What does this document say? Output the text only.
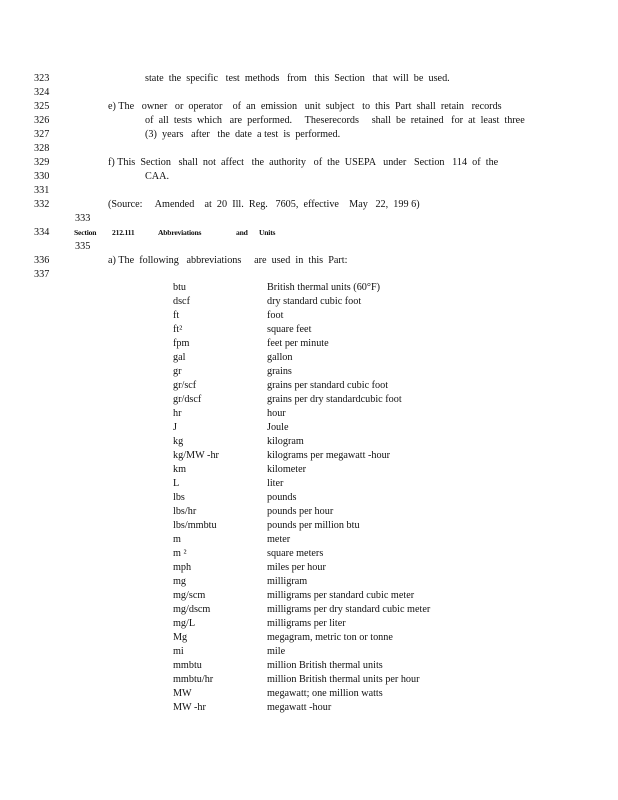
323	state  the  specific   test  methods   from   this  Section   that  will  be  used.
324
325	e) The   owner   or  operator    of  an  emission   unit  subject   to  this  Part  shall  retain   records
326	of  all  tests  which   are  performed.     Theserecords     shall  be  retained   for  at  least  three
327	(3)  years   after   the  date  a test  is  performed.
328
329	f) This  Section   shall  not  affect   the  authority   of  the  USEPA   under   Section   114  of  the
330	CAA.
331
332	(Source:     Amended    at  20  Ill.  Reg.   7605,  effective    May   22,  199 6)
333
334	Section 212.111	Abbreviations	and Units
335
336	a) The  following   abbreviations     are  used  in  this  Part:
337
btu	British thermal units (60°F)
dscf	dry standard cubic foot
ft	foot
ft²	square feet
fpm	feet per minute
gal	gallon
gr	grains
gr/scf	grains per standard cubic foot
gr/dscf	grains per dry standardcubic foot
hr	hour
J	Joule
kg	kilogram
kg/MW -hr	kilograms per megawatt -hour
km	kilometer
L	liter
lbs	pounds
lbs/hr	pounds per hour
lbs/mmbtu	pounds per million btu
m	meter
m ²	square meters
mph	miles per hour
mg	milligram
mg/scm	milligrams per standard cubic meter
mg/dscm	milligrams per dry standard cubic meter
mg/L	milligrams per liter
Mg	megagram, metric ton or tonne
mi	mile
mmbtu	million British thermal units
mmbtu/hr	million British thermal units per hour
MW	megawatt; one million watts
MW -hr	megawatt -hour
